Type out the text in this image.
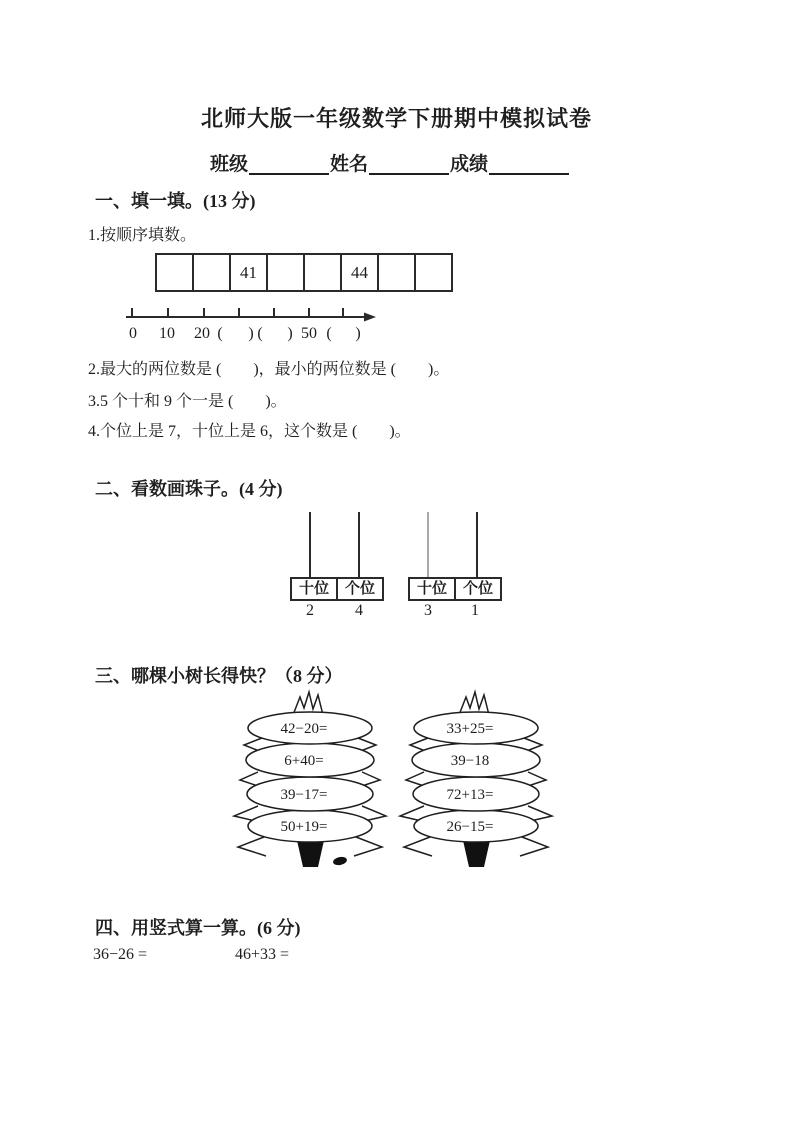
北师大版一年级数学下册期中模拟试卷
班级	姓名	成绩
一、填一填。(13 分)
1.按顺序填数。
41	44
0 10 20 ( ) ( ) 50 ( )
2.最大的两位数是 (        )，最小的两位数是 (        )。
3.5 个十和 9 个一是 (        )。
4.个位上是 7，十位上是 6，这个数是 (        )。
二、看数画珠子。(4 分)
十位	个位
2	4
十位	个位
3	1
三、哪棵小树长得快？（8 分）
42−20=
6+40=
39−17=
50+19=
33+25=
39−18
72+13=
26−15=
四、用竖式算一算。(6 分)
36−26 =	46+33 =
